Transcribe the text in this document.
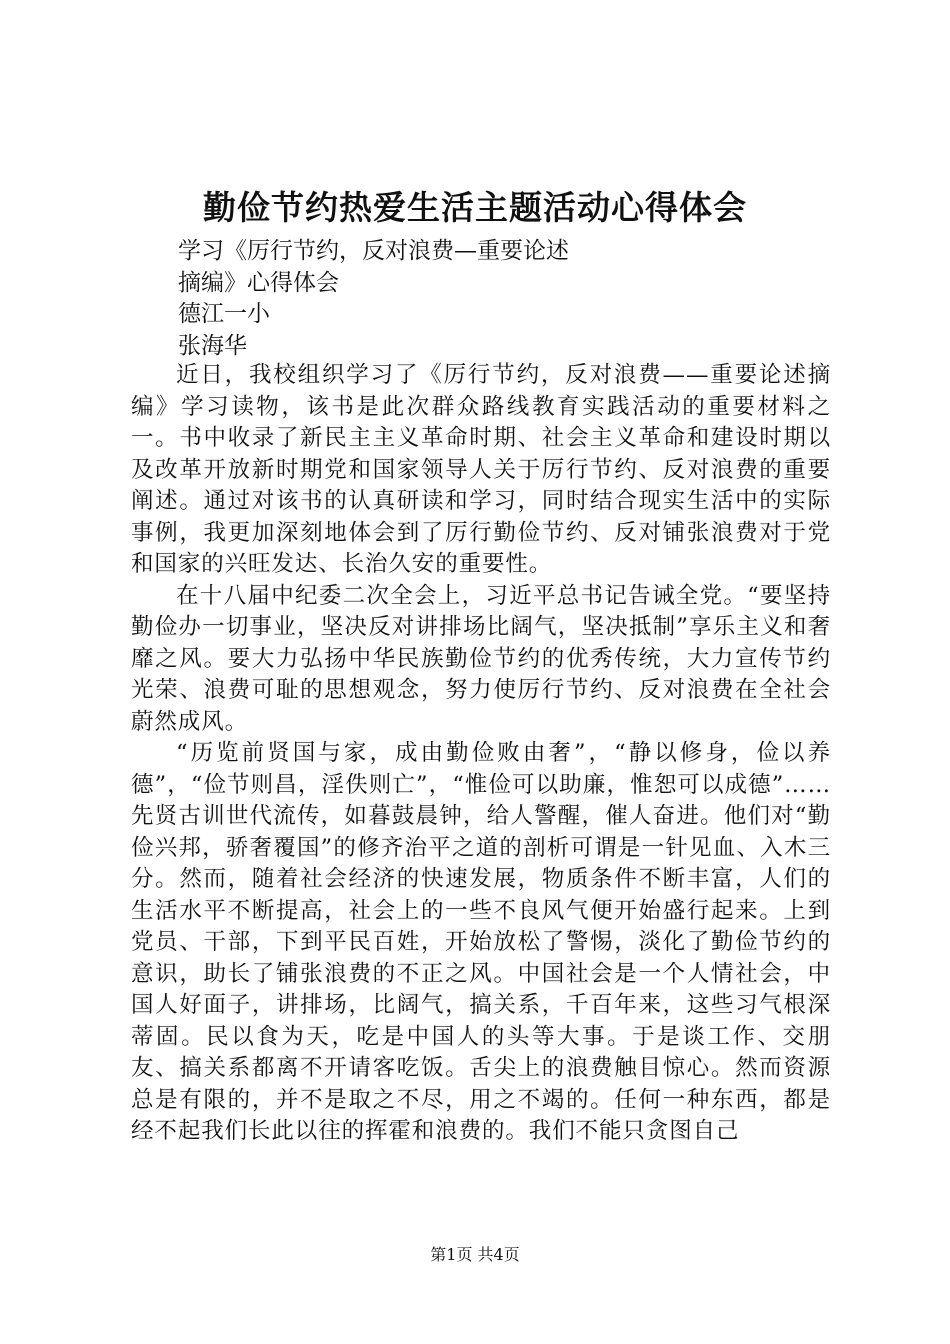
勤俭节约热爱生活主题活动心得体会
学习《厉行节约，反对浪费—重要论述
摘编》心得体会
德江一小
张海华

近日，我校组织学习了《厉行节约，反对浪费——重要论述摘编》学习读物，该书是此次群众路线教育实践活动的重要材料之一。书中收录了新民主主义革命时期、社会主义革命和建设时期以及改革开放新时期党和国家领导人关于厉行节约、反对浪费的重要阐述。通过对该书的认真研读和学习，同时结合现实生活中的实际事例，我更加深刻地体会到了厉行勤俭节约、反对铺张浪费对于党和国家的兴旺发达、长治久安的重要性。

在十八届中纪委二次全会上，习近平总书记告诫全党。“要坚持勤俭办一切事业，坚决反对讲排场比阔气，坚决抵制”享乐主义和奢靡之风。要大力弘扬中华民族勤俭节约的优秀传统，大力宣传节约光荣、浪费可耻的思想观念，努力使厉行节约、反对浪费在全社会蔚然成风。

“历览前贤国与家，成由勤俭败由奢”，“静以修身，俭以养德”，“俭节则昌，淫佚则亡”，“惟俭可以助廉，惟恕可以成德”……先贤古训世代流传，如暮鼓晨钟，给人警醒，催人奋进。他们对“勤俭兴邦，骄奢覆国”的修齐治平之道的剖析可谓是一针见血、入木三分。然而，随着社会经济的快速发展，物质条件不断丰富，人们的生活水平不断提高，社会上的一些不良风气便开始盛行起来。上到党员、干部，下到平民百姓，开始放松了警惕，淡化了勤俭节约的意识，助长了铺张浪费的不正之风。中国社会是一个人情社会，中国人好面子，讲排场，比阔气，搞关系，千百年来，这些习气根深蒂固。民以食为天，吃是中国人的头等大事。于是谈工作、交朋友、搞关系都离不开请客吃饭。舌尖上的浪费触目惊心。然而资源总是有限的，并不是取之不尽，用之不竭的。任何一种东西，都是经不起我们长此以往的挥霍和浪费的。我们不能只贪图自己

第1页 共4页
